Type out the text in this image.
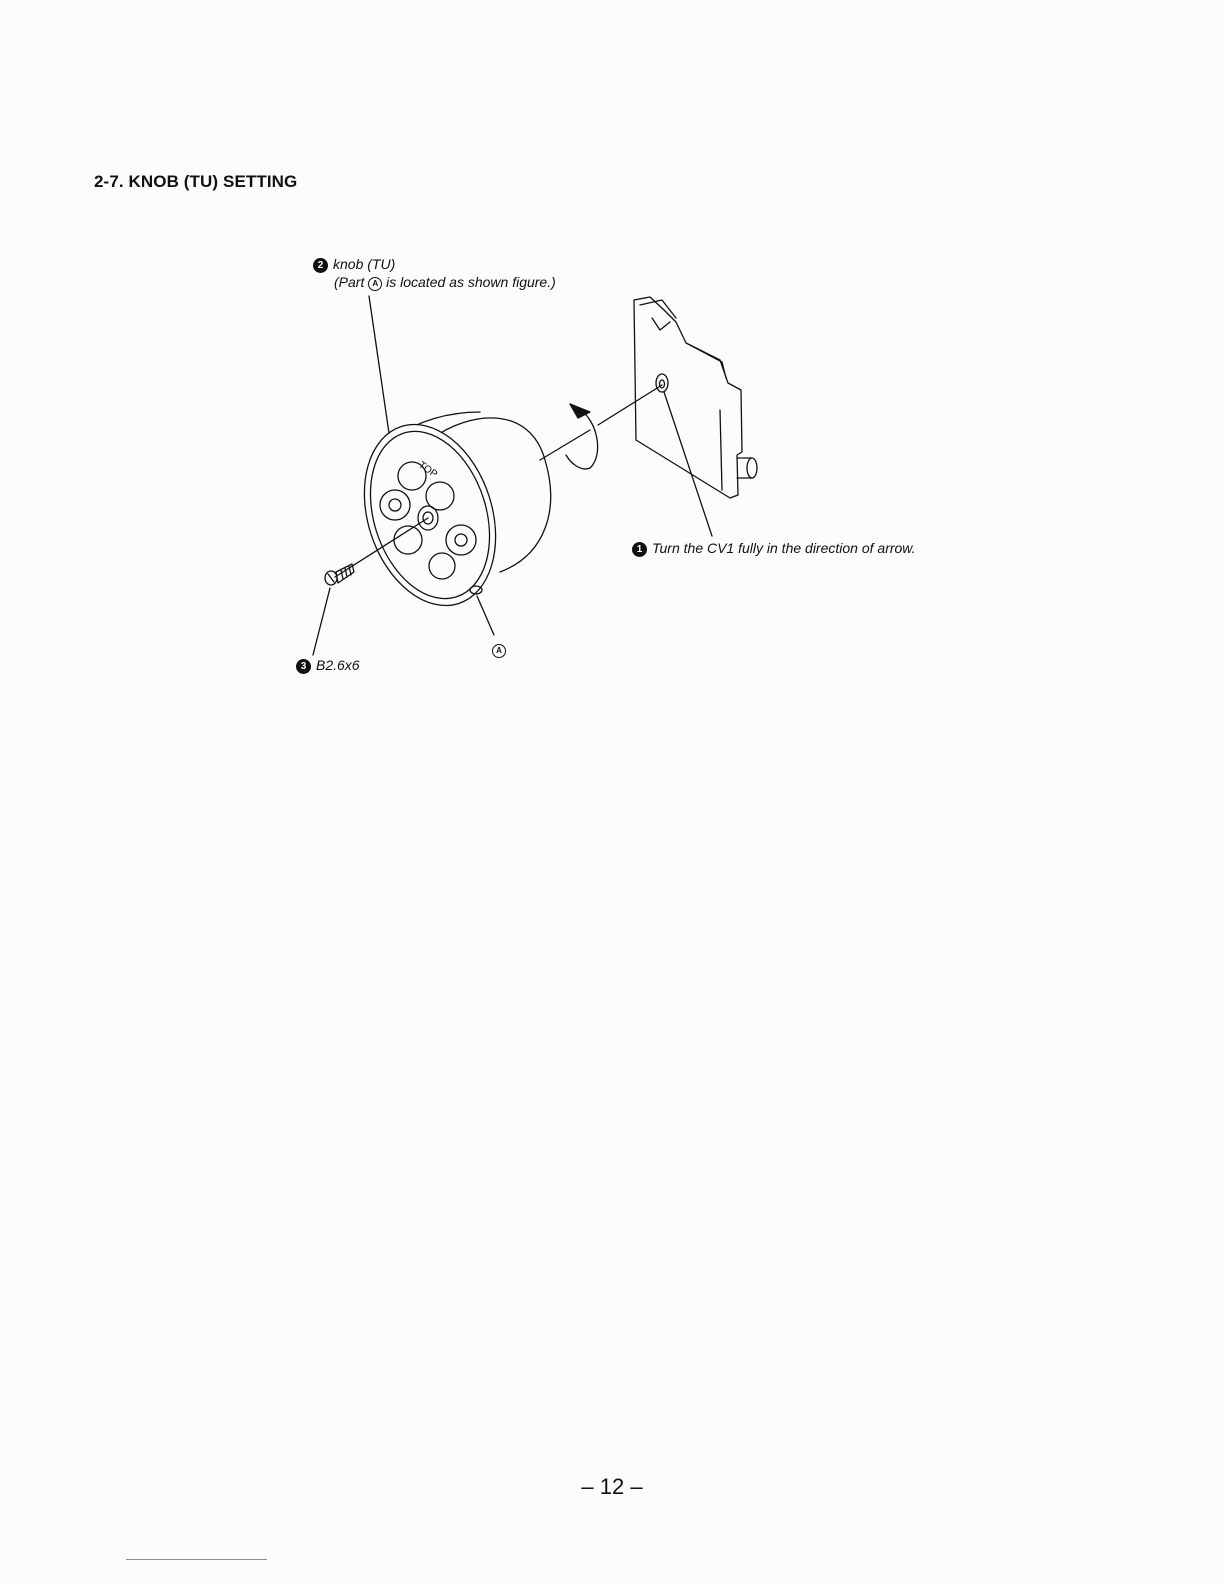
2-7. KNOB (TU) SETTING
TOP
2 knob (TU)
(Part A is located as shown figure.)
1 Turn the CV1 fully in the direction of arrow.
3 B2.6x6
A
– 12 –
